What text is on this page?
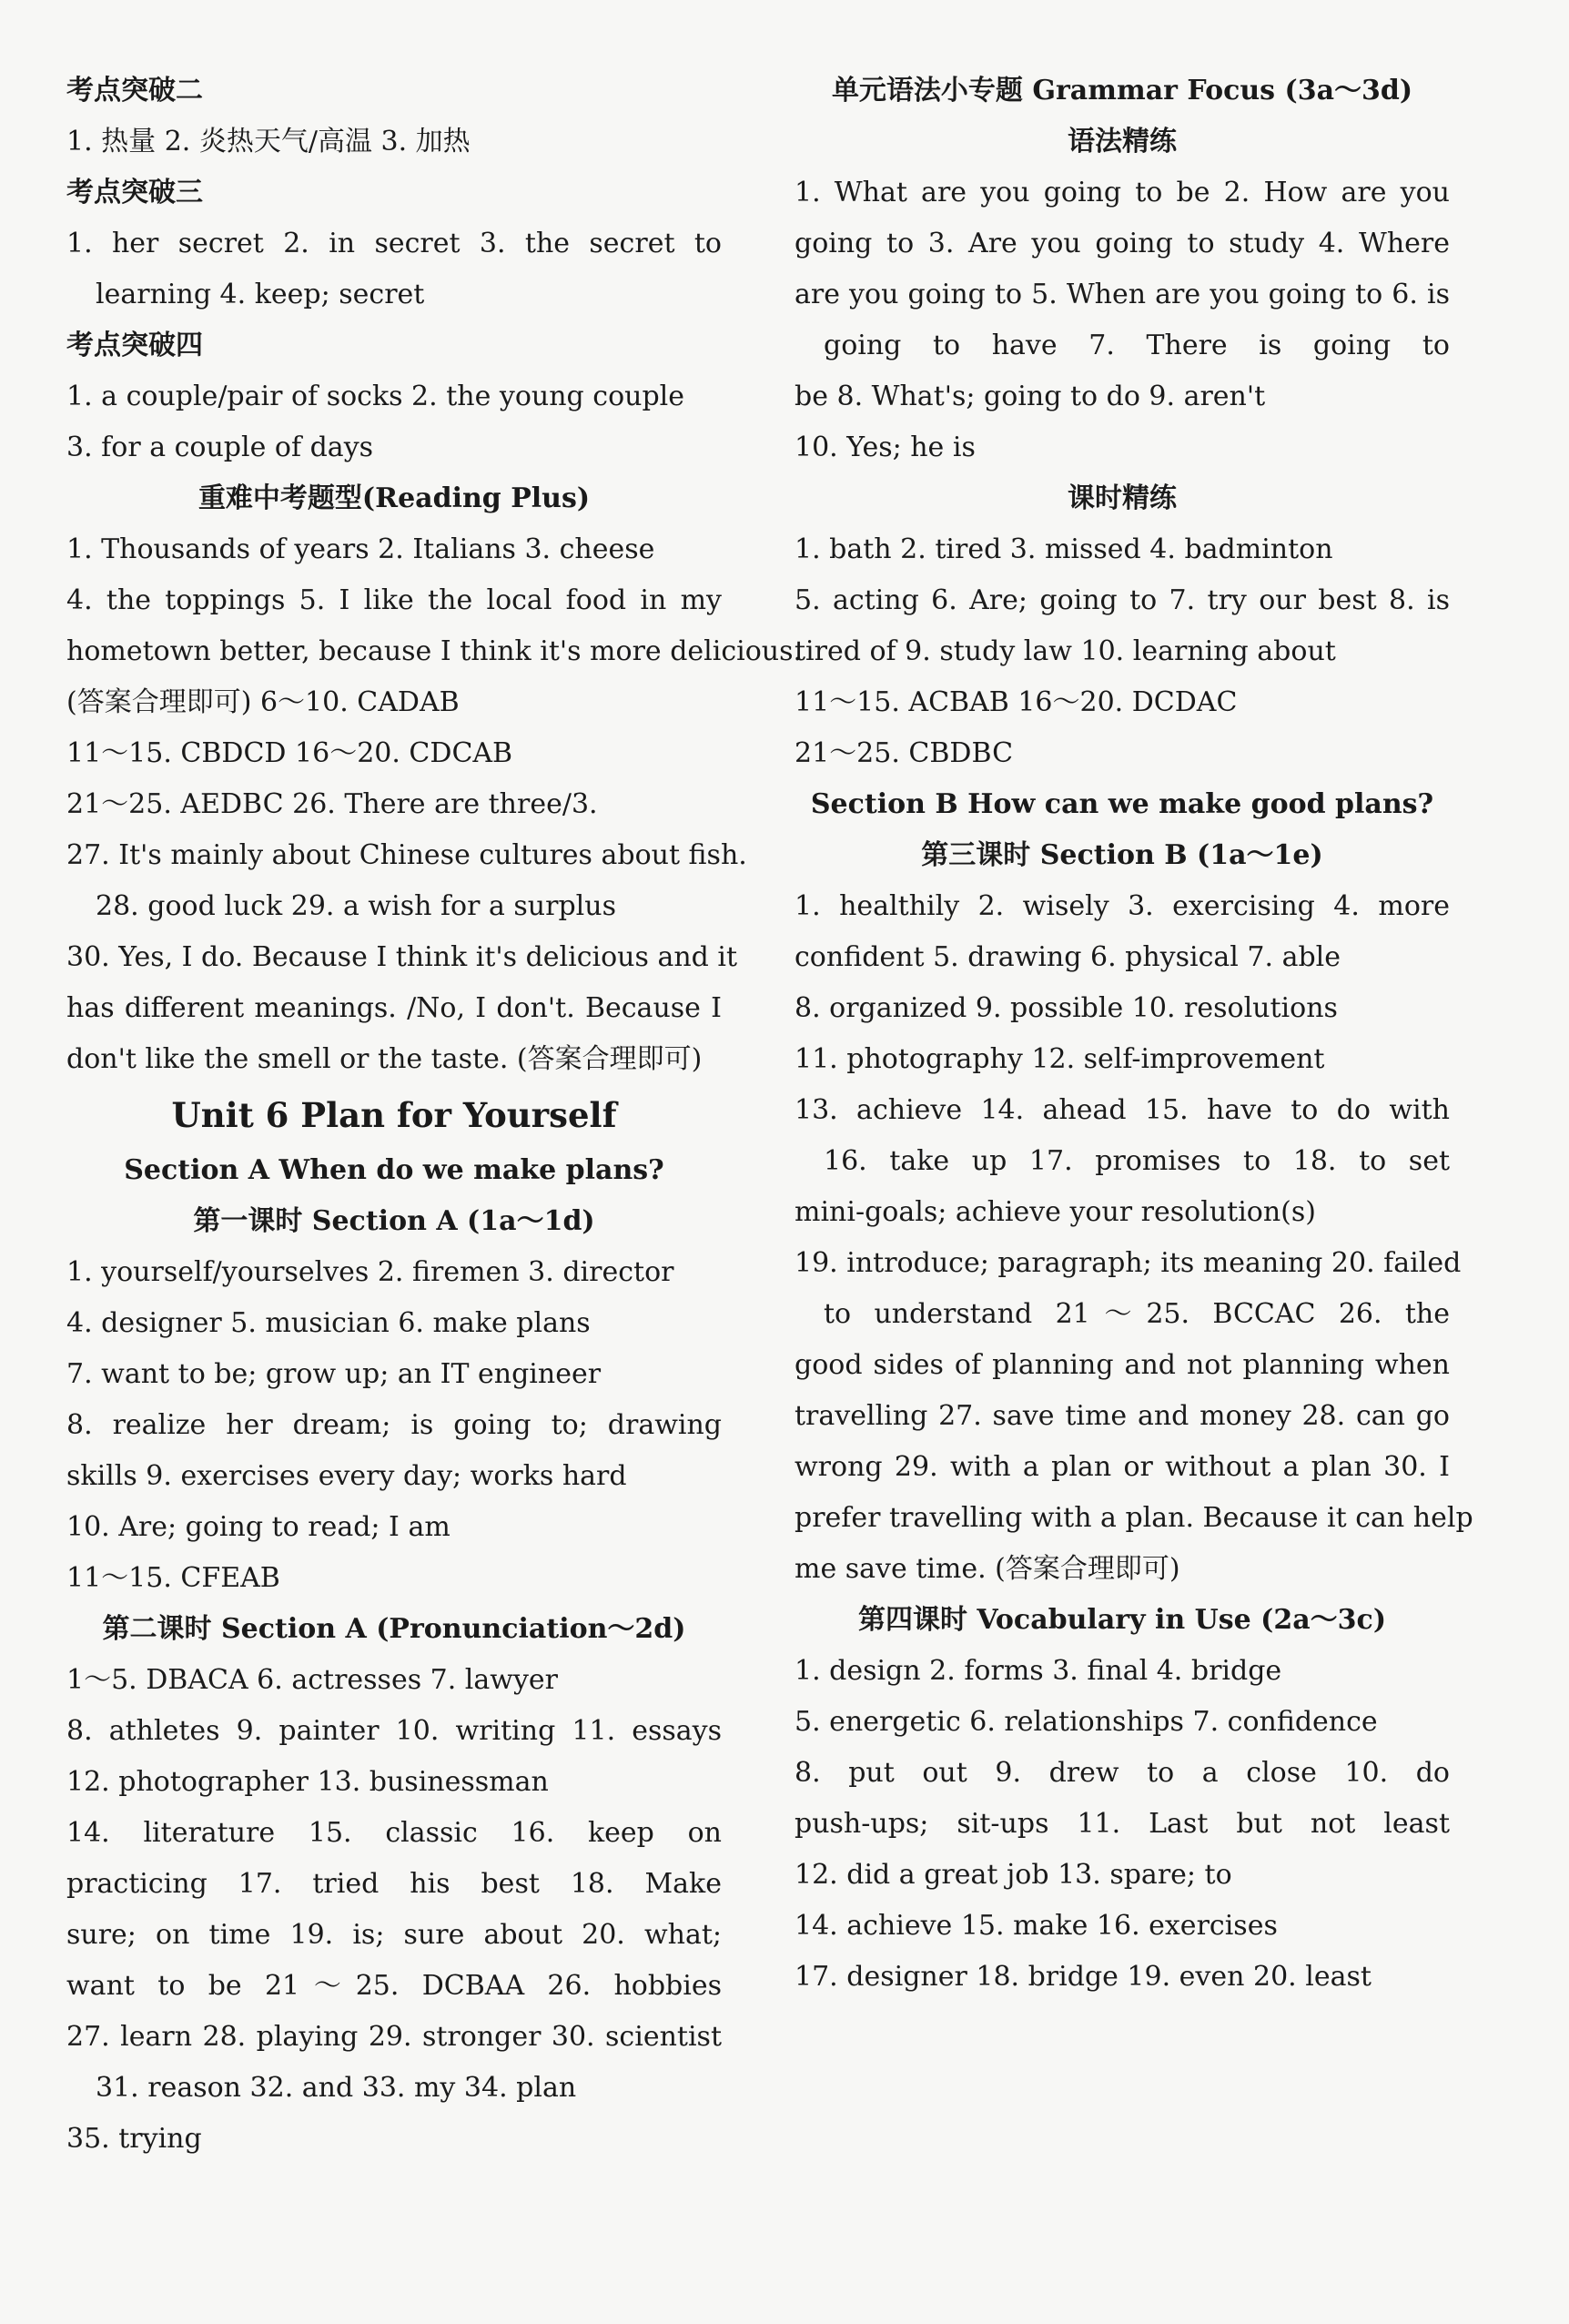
考点突破二
1. 热量 2. 炎热天气/高温 3. 加热
考点突破三
1. her secret 2. in secret 3. the secret to
learning 4. keep; secret
考点突破四
1. a couple/pair of socks 2. the young couple
3. for a couple of days
重难中考题型(Reading Plus)
1. Thousands of years 2. Italians 3. cheese
4. the toppings 5. I like the local food in my
hometown better, because I think it's more delicious.
(答案合理即可) 6～10. CADAB
11～15. CBDCD 16～20. CDCAB
21～25. AEDBC 26. There are three/3.
27. It's mainly about Chinese cultures about fish.
28. good luck 29. a wish for a surplus
30. Yes, I do. Because I think it's delicious and it
has different meanings. /No, I don't. Because I
don't like the smell or the taste. (答案合理即可)
Unit 6 Plan for Yourself
Section A When do we make plans?
第一课时 Section A (1a～1d)
1. yourself/yourselves 2. firemen 3. director
4. designer 5. musician 6. make plans
7. want to be; grow up; an IT engineer
8. realize her dream; is going to; drawing
skills 9. exercises every day; works hard
10. Are; going to read; I am
11～15. CFEAB
第二课时 Section A (Pronunciation～2d)
1～5. DBACA 6. actresses 7. lawyer
8. athletes 9. painter 10. writing 11. essays
12. photographer 13. businessman
14. literature 15. classic 16. keep on
practicing 17. tried his best 18. Make
sure; on time 19. is; sure about 20. what;
want to be 21～25. DCBAA 26. hobbies
27. learn 28. playing 29. stronger 30. scientist
31. reason 32. and 33. my 34. plan
35. trying
单元语法小专题 Grammar Focus (3a～3d)
语法精练
1. What are you going to be 2. How are you
going to 3. Are you going to study 4. Where
are you going to 5. When are you going to 6. is
going to have 7. There is going to
be 8. What's; going to do 9. aren't
10. Yes; he is
课时精练
1. bath 2. tired 3. missed 4. badminton
5. acting 6. Are; going to 7. try our best 8. is
tired of 9. study law 10. learning about
11～15. ACBAB 16～20. DCDAC
21～25. CBDBC
Section B How can we make good plans?
第三课时 Section B (1a～1e)
1. healthily 2. wisely 3. exercising 4. more
confident 5. drawing 6. physical 7. able
8. organized 9. possible 10. resolutions
11. photography 12. self-improvement
13. achieve 14. ahead 15. have to do with
16. take up 17. promises to 18. to set
mini-goals; achieve your resolution(s)
19. introduce; paragraph; its meaning 20. failed
to understand 21～25. BCCAC 26. the
good sides of planning and not planning when
travelling 27. save time and money 28. can go
wrong 29. with a plan or without a plan 30. I
prefer travelling with a plan. Because it can help
me save time. (答案合理即可)
第四课时 Vocabulary in Use (2a～3c)
1. design 2. forms 3. final 4. bridge
5. energetic 6. relationships 7. confidence
8. put out 9. drew to a close 10. do
push-ups; sit-ups 11. Last but not least
12. did a great job 13. spare; to
14. achieve 15. make 16. exercises
17. designer 18. bridge 19. even 20. least
